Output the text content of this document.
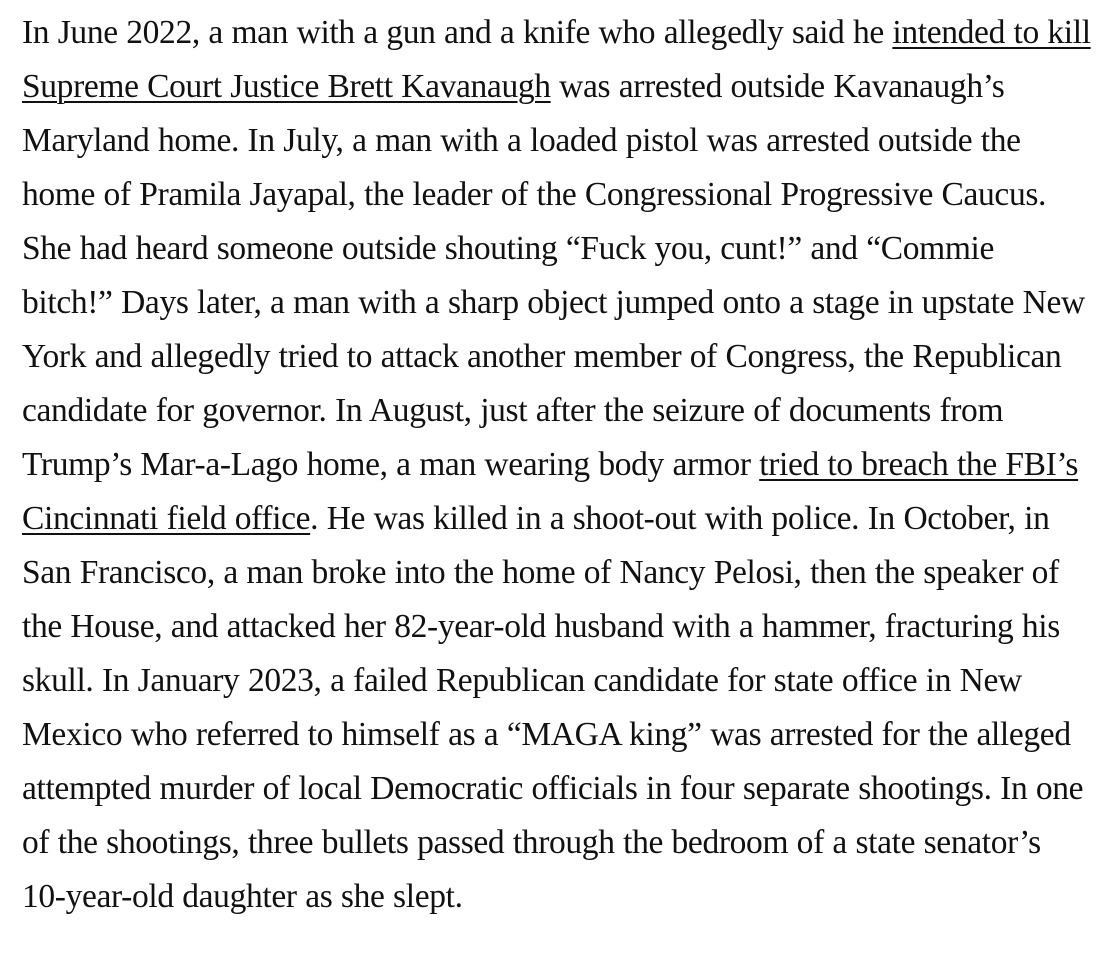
In June 2022, a man with a gun and a knife who allegedly said he intended to kill Supreme Court Justice Brett Kavanaugh was arrested outside Kavanaugh’s Maryland home. In July, a man with a loaded pistol was arrested outside the home of Pramila Jayapal, the leader of the Congressional Progressive Caucus. She had heard someone outside shouting “Fuck you, cunt!” and “Commie bitch!” Days later, a man with a sharp object jumped onto a stage in upstate New York and allegedly tried to attack another member of Congress, the Republican candidate for governor. In August, just after the seizure of documents from Trump’s Mar-a-Lago home, a man wearing body armor tried to breach the FBI’s Cincinnati field office. He was killed in a shoot-out with police. In October, in San Francisco, a man broke into the home of Nancy Pelosi, then the speaker of the House, and attacked her 82-year-old husband with a hammer, fracturing his skull. In January 2023, a failed Republican candidate for state office in New Mexico who referred to himself as a “MAGA king” was arrested for the alleged attempted murder of local Democratic officials in four separate shootings. In one of the shootings, three bullets passed through the bedroom of a state senator’s 10-year-old daughter as she slept.
